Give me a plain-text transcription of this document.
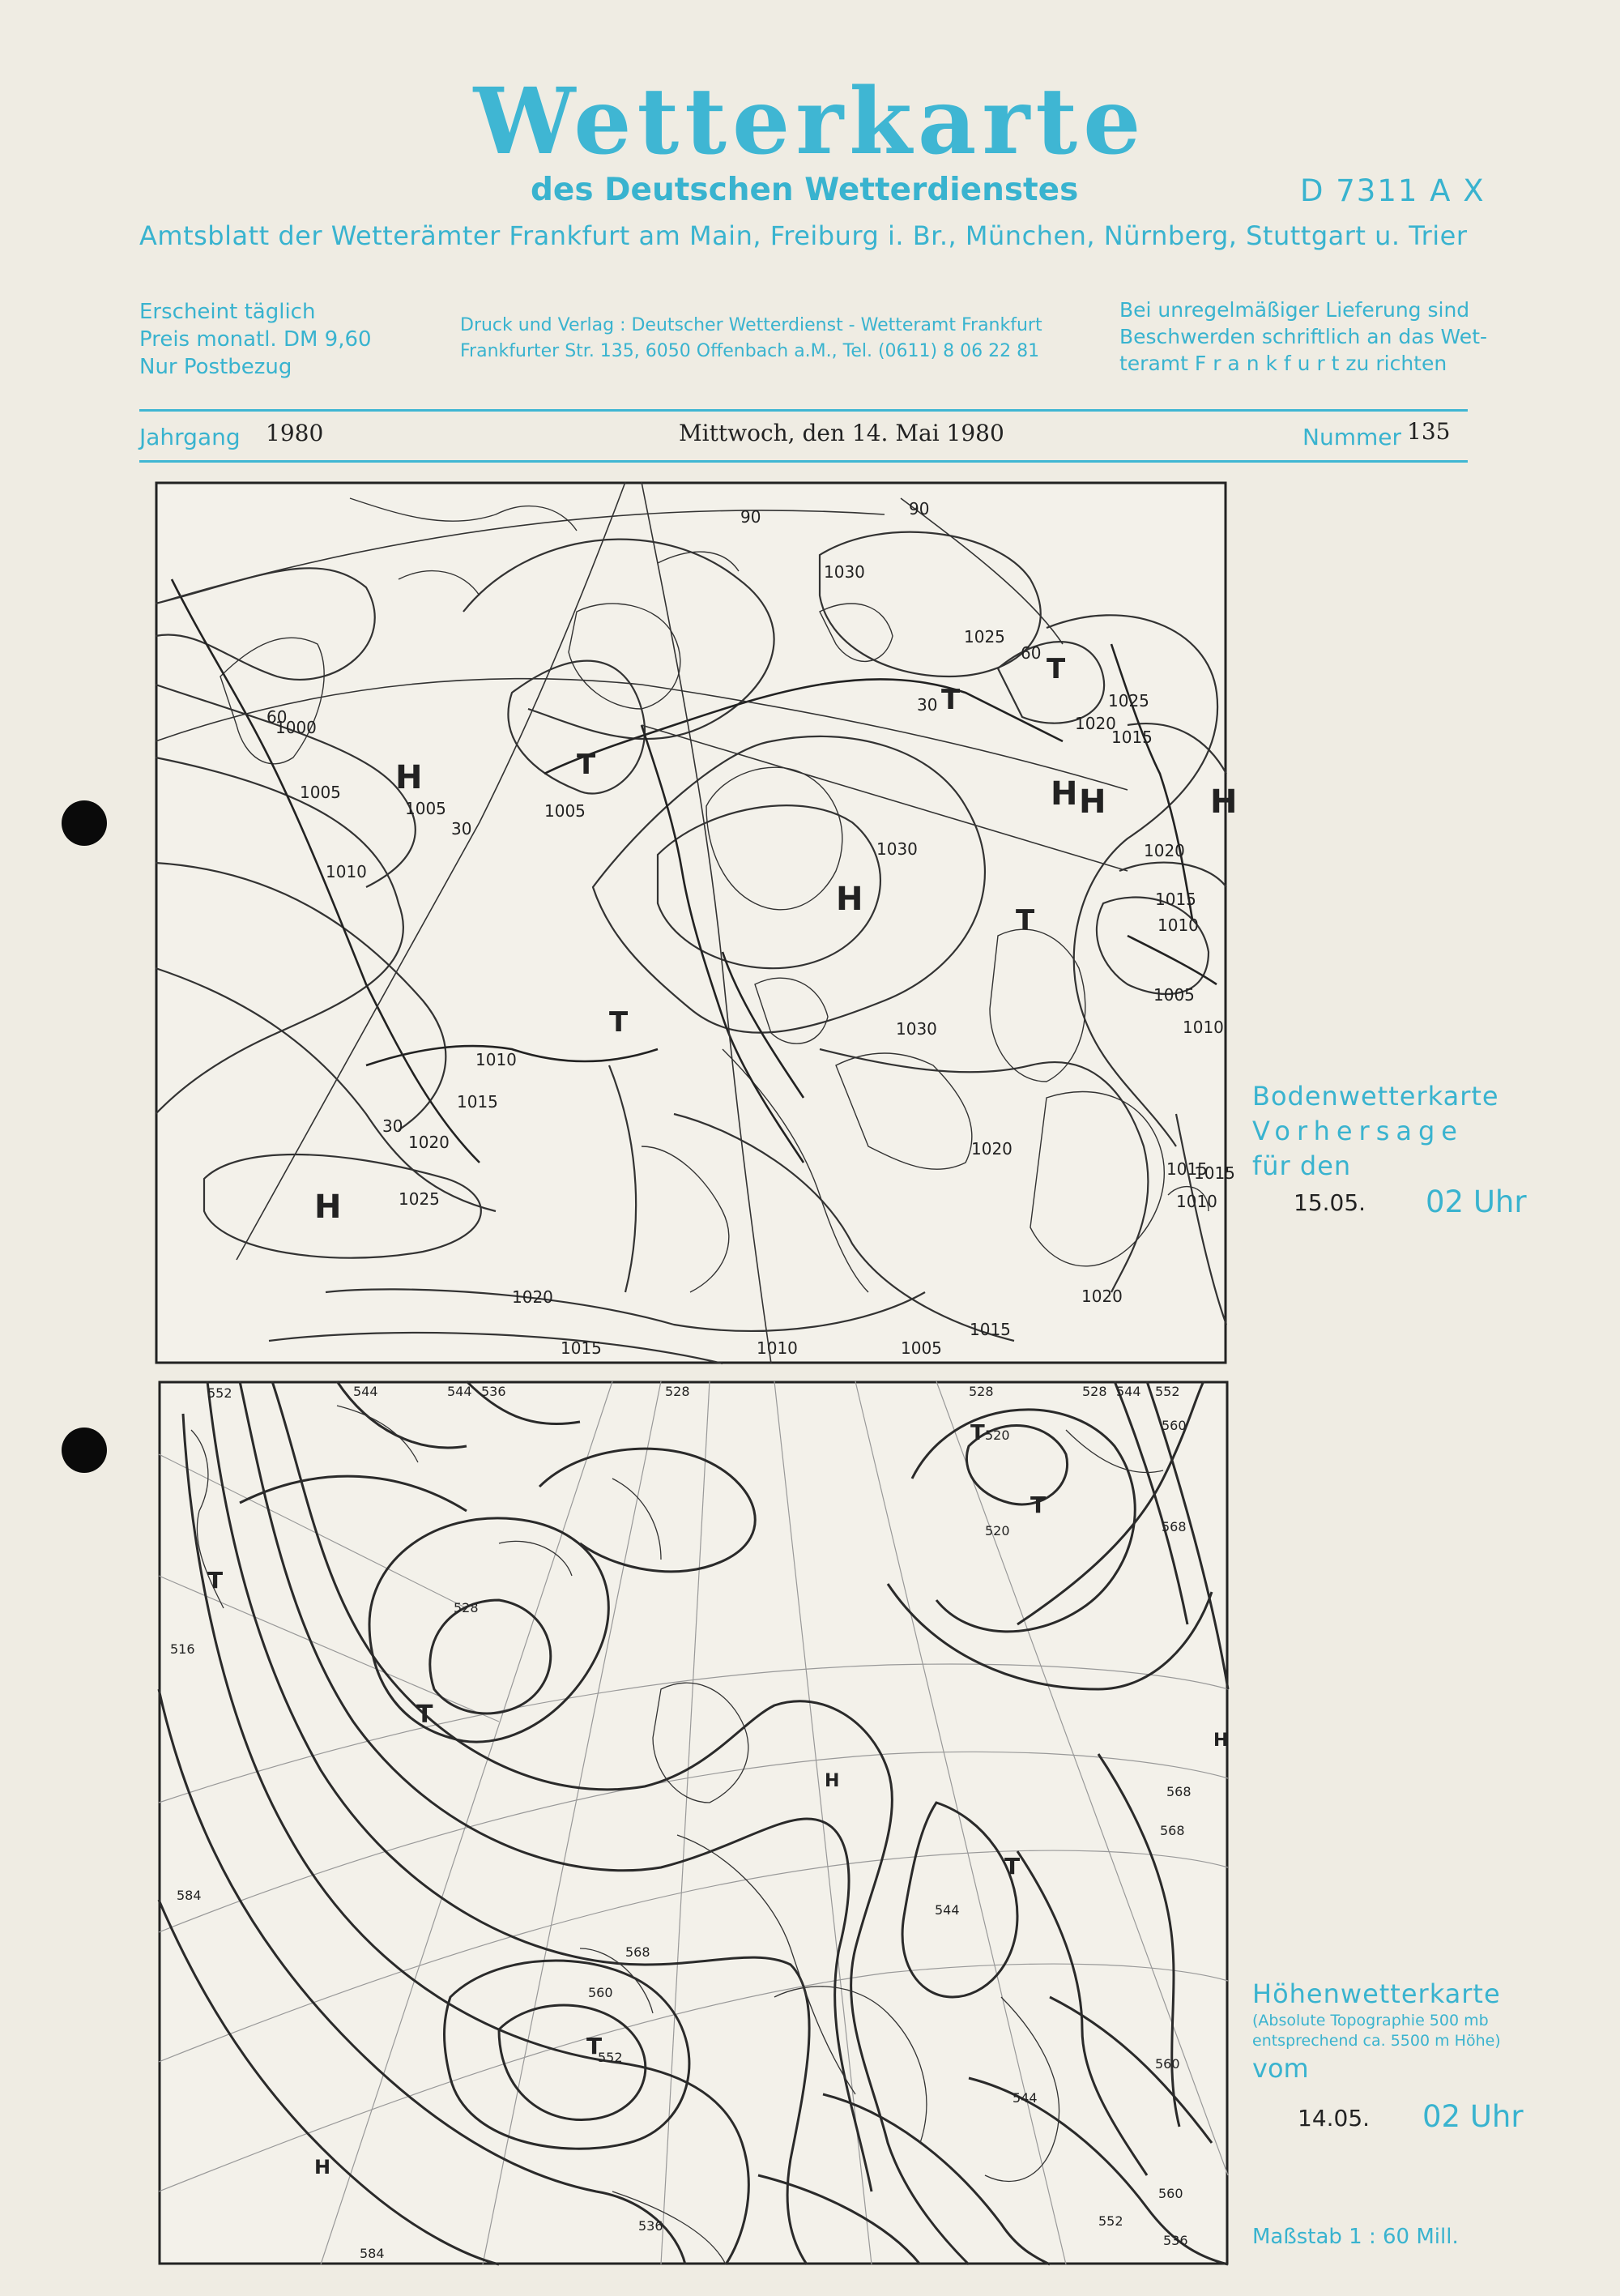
Wetterkarte
des Deutschen Wetterdienstes	D 7311 A X
Amtsblatt der Wetterämter Frankfurt am Main, Freiburg i. Br., München, Nürnberg, Stuttgart u. Trier
Erscheint täglich
Preis monatl. DM 9,60
Nur Postbezug
Druck und Verlag : Deutscher Wetterdienst - Wetteramt Frankfurt
Frankfurter Str. 135, 6050 Offenbach a.M., Tel. (0611) 8 06 22 81
Bei unregelmäßiger Lieferung sind
Beschwerden schriftlich an das Wet-
teramt F r a n k f u r t zu richten
Jahrgang 1980	Mittwoch, den 14. Mai 1980	Nummer 135
1000
1005
1010
1005	1005
1010
1015
1020
1025
1020
1015	1010	1005
1030
1030
1020
1025
1020
1015
1010
1005
1010
1015
1015
1020
1015
1010
1020
1025
1015
1030
60
30
30
90	90
60
30
H
H
H	H
H
H
T
T
T
T
T
Bodenwetterkarte
Vorhersage
für den
15.05. 02 Uhr
552	544	544 536	528	528	528
520
544 552
560
568
516
520
528
536
544
552
560
568
584
584
560
552
568
568
560
544
536
T
T
T
T
T
T
H
H
H
Höhenwetterkarte
(Absolute Topographie 500 mb
entsprechend ca. 5500 m Höhe)
vom
14.05. 02 Uhr
Maßstab 1 : 60 Mill.
